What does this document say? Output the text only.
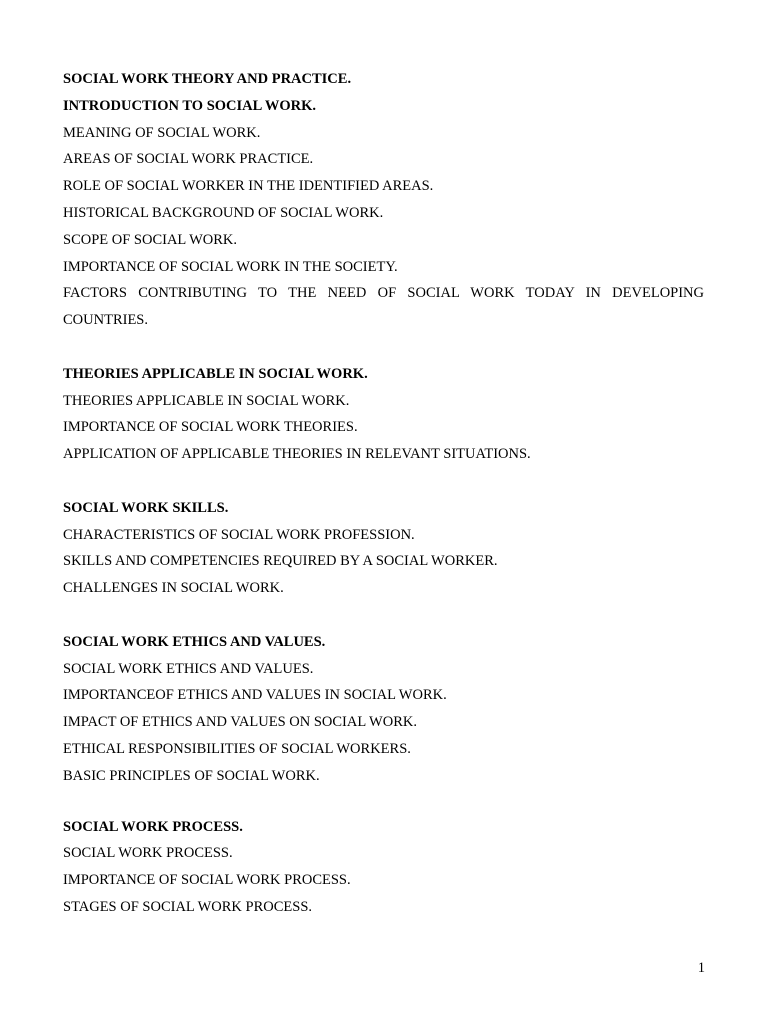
SOCIAL WORK THEORY AND PRACTICE.
INTRODUCTION TO SOCIAL WORK.
MEANING OF SOCIAL WORK.
AREAS OF SOCIAL WORK PRACTICE.
ROLE OF SOCIAL WORKER IN THE IDENTIFIED AREAS.
HISTORICAL BACKGROUND OF SOCIAL WORK.
SCOPE OF SOCIAL WORK.
IMPORTANCE OF SOCIAL WORK IN THE SOCIETY.
FACTORS CONTRIBUTING TO THE NEED OF SOCIAL WORK TODAY IN DEVELOPING COUNTRIES.
THEORIES APPLICABLE IN SOCIAL WORK.
THEORIES APPLICABLE IN SOCIAL WORK.
IMPORTANCE OF SOCIAL WORK THEORIES.
APPLICATION OF APPLICABLE THEORIES IN RELEVANT SITUATIONS.
SOCIAL WORK SKILLS.
CHARACTERISTICS OF SOCIAL WORK PROFESSION.
SKILLS AND COMPETENCIES REQUIRED BY A SOCIAL WORKER.
CHALLENGES IN SOCIAL WORK.
SOCIAL WORK ETHICS AND VALUES.
SOCIAL WORK ETHICS AND VALUES.
IMPORTANCEOF ETHICS AND VALUES IN SOCIAL WORK.
IMPACT OF ETHICS AND VALUES ON SOCIAL WORK.
ETHICAL RESPONSIBILITIES OF SOCIAL WORKERS.
BASIC PRINCIPLES OF SOCIAL WORK.
SOCIAL WORK PROCESS.
SOCIAL WORK PROCESS.
IMPORTANCE OF SOCIAL WORK PROCESS.
STAGES OF SOCIAL WORK PROCESS.
1
